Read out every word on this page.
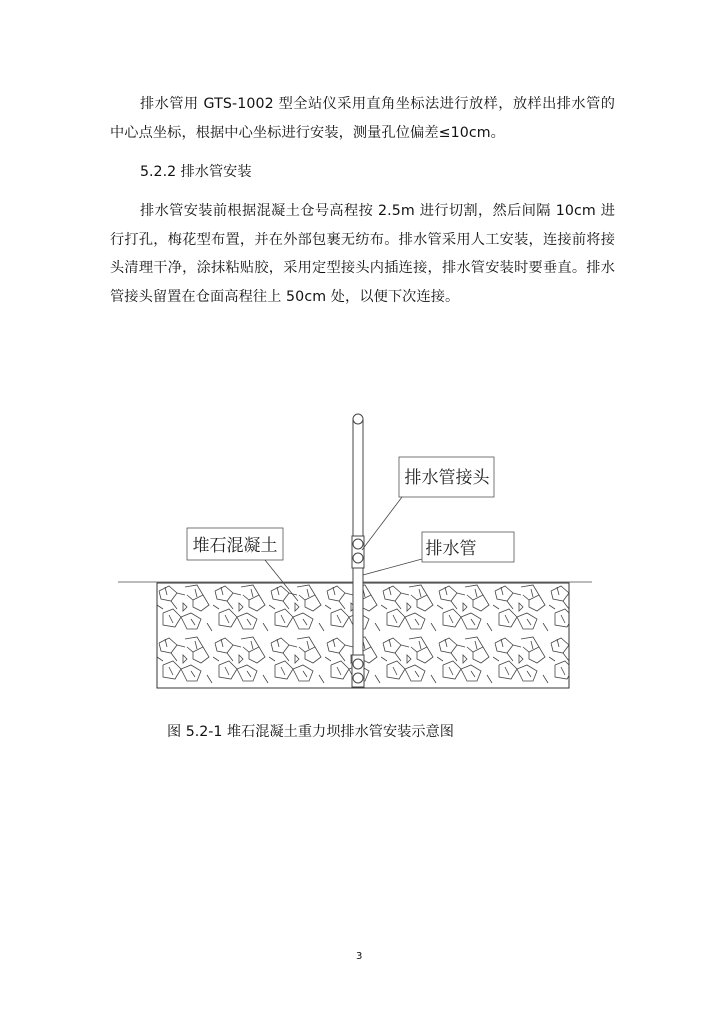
排水管用 GTS-1002 型全站仪采用直角坐标法进行放样，放样出排水管的中心点坐标，根据中心坐标进行安装，测量孔位偏差≤10cm。

5.2.2 排水管安装

排水管安装前根据混凝土仓号高程按 2.5m 进行切割，然后间隔 10cm 进行打孔，梅花型布置，并在外部包裹无纺布。排水管采用人工安装，连接前将接头清理干净，涂抹粘贴胶，采用定型接头内插连接，排水管安装时要垂直。排水管接头留置在仓面高程往上 50cm 处，以便下次连接。

排水管接头
排水管
堆石混凝土

图 5.2-1 堆石混凝土重力坝排水管安装示意图

3
